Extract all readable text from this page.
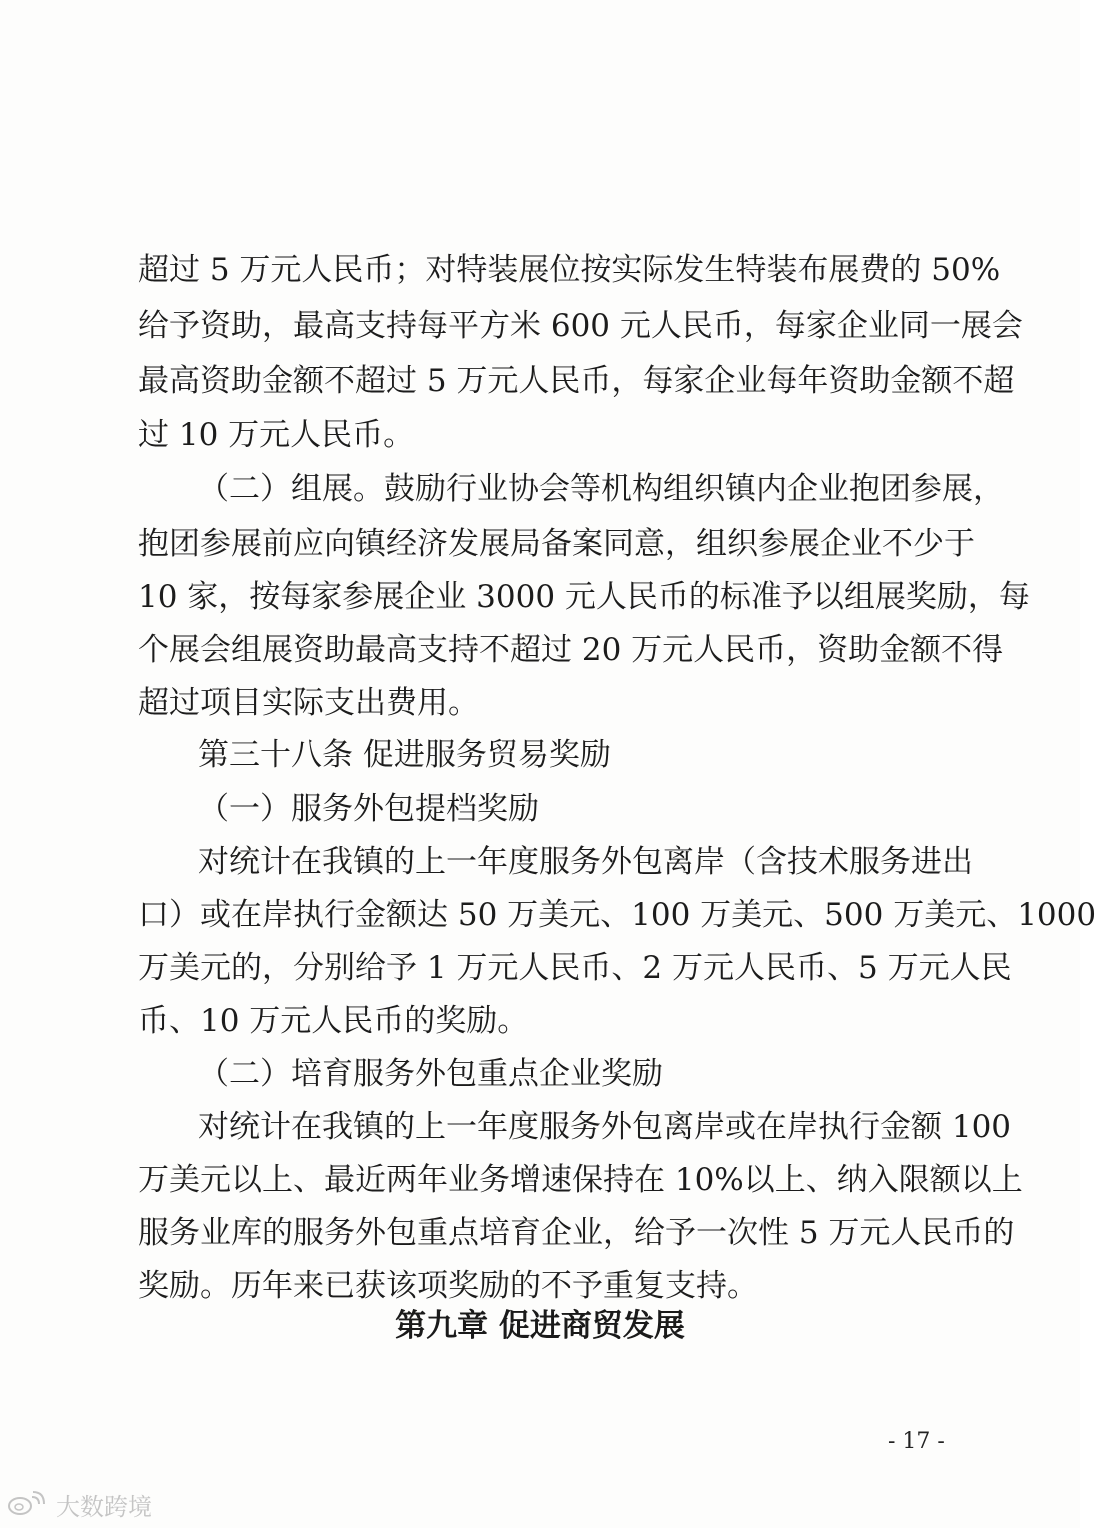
超过 5 万元人民币；对特装展位按实际发生特装布展费的 50%
给予资助，最高支持每平方米 600 元人民币，每家企业同一展会
最高资助金额不超过 5 万元人民币，每家企业每年资助金额不超
过 10 万元人民币。
（二）组展。鼓励行业协会等机构组织镇内企业抱团参展，
抱团参展前应向镇经济发展局备案同意，组织参展企业不少于
10 家，按每家参展企业 3000 元人民币的标准予以组展奖励，每
个展会组展资助最高支持不超过 20 万元人民币，资助金额不得
超过项目实际支出费用。
第三十八条 促进服务贸易奖励
（一）服务外包提档奖励
对统计在我镇的上一年度服务外包离岸（含技术服务进出
口）或在岸执行金额达 50 万美元、100 万美元、500 万美元、1000
万美元的，分别给予 1 万元人民币、2 万元人民币、5 万元人民
币、10 万元人民币的奖励。
（二）培育服务外包重点企业奖励
对统计在我镇的上一年度服务外包离岸或在岸执行金额 100
万美元以上、最近两年业务增速保持在 10%以上、纳入限额以上
服务业库的服务外包重点培育企业，给予一次性 5 万元人民币的
奖励。历年来已获该项奖励的不予重复支持。
第九章 促进商贸发展
- 17 -
大数跨境
